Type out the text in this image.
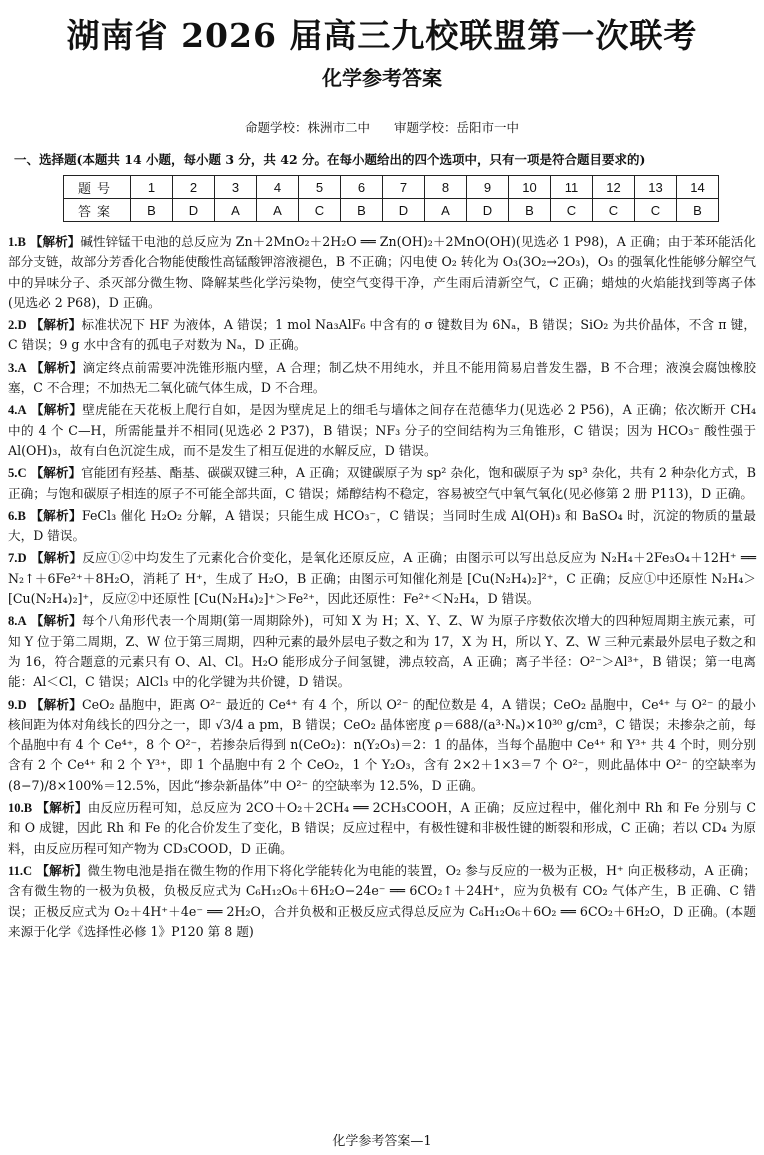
湖南省 2026 届高三九校联盟第一次联考
化学参考答案
命题学校：株洲市二中 审题学校：岳阳市一中
一、选择题(本题共 14 小题，每小题 3 分，共 42 分。在每小题给出的四个选项中，只有一项是符合题目要求的)
题号	1	2	3	4	5	6	7	8	9	10	11	12	13	14
答案	B	D	A	A	C	B	D	A	D	B	C	C	C	B
1.B 【解析】碱性锌锰干电池的总反应为 Zn＋2MnO₂＋2H₂O ══ Zn(OH)₂＋2MnO(OH)(见选必 1 P98)，A 正确；由于苯环能活化部分支链，故部分芳香化合物能使酸性高锰酸钾溶液褪色，B 不正确；闪电使 O₂ 转化为 O₃(3O₂→2O₃)，O₃ 的强氧化性能够分解空气中的异味分子、杀灭部分微生物、降解某些化学污染物，使空气变得干净，产生雨后清新空气，C 正确；蜡烛的火焰能找到等离子体(见选必 2 P68)，D 正确。
2.D 【解析】标准状况下 HF 为液体，A 错误；1 mol Na₃AlF₆ 中含有的 σ 键数目为 6Nₐ，B 错误；SiO₂ 为共价晶体，不含 π 键，C 错误；9 g 水中含有的孤电子对数为 Nₐ，D 正确。
3.A 【解析】滴定终点前需要冲洗锥形瓶内壁，A 合理；制乙炔不用纯水，并且不能用简易启普发生器，B 不合理；液溴会腐蚀橡胶塞，C 不合理；不加热无二氧化硫气体生成，D 不合理。
4.A 【解析】壁虎能在天花板上爬行自如，是因为壁虎足上的细毛与墙体之间存在范德华力(见选必 2 P56)，A 正确；依次断开 CH₄ 中的 4 个 C—H，所需能量并不相同(见选必 2 P37)，B 错误；NF₃ 分子的空间结构为三角锥形，C 错误；因为 HCO₃⁻ 酸性强于 Al(OH)₃，故有白色沉淀生成，而不是发生了相互促进的水解反应，D 错误。
5.C 【解析】官能团有羟基、酯基、碳碳双键三种，A 正确；双键碳原子为 sp² 杂化，饱和碳原子为 sp³ 杂化，共有 2 种杂化方式，B 正确；与饱和碳原子相连的原子不可能全部共面，C 错误；烯醇结构不稳定，容易被空气中氧气氧化(见必修第 2 册 P113)，D 正确。
6.B 【解析】FeCl₃ 催化 H₂O₂ 分解，A 错误；只能生成 HCO₃⁻，C 错误；当同时生成 Al(OH)₃ 和 BaSO₄ 时，沉淀的物质的量最大，D 错误。
7.D 【解析】反应①②中均发生了元素化合价变化，是氧化还原反应，A 正确；由图示可以写出总反应为 N₂H₄＋2Fe₃O₄＋12H⁺ ══ N₂↑＋6Fe²⁺＋8H₂O，消耗了 H⁺，生成了 H₂O，B 正确；由图示可知催化剂是 [Cu(N₂H₄)₂]²⁺，C 正确；反应①中还原性 N₂H₄＞[Cu(N₂H₄)₂]⁺，反应②中还原性 [Cu(N₂H₄)₂]⁺＞Fe²⁺，因此还原性：Fe²⁺＜N₂H₄，D 错误。
8.A 【解析】每个八角形代表一个周期(第一周期除外)，可知 X 为 H；X、Y、Z、W 为原子序数依次增大的四种短周期主族元素，可知 Y 位于第二周期，Z、W 位于第三周期，四种元素的最外层电子数之和为 17，X 为 H，所以 Y、Z、W 三种元素最外层电子数之和为 16，符合题意的元素只有 O、Al、Cl。H₂O 能形成分子间氢键，沸点较高，A 正确；离子半径：O²⁻＞Al³⁺，B 错误；第一电离能：Al＜Cl，C 错误；AlCl₃ 中的化学键为共价键，D 错误。
9.D 【解析】CeO₂ 晶胞中，距离 O²⁻ 最近的 Ce⁴⁺ 有 4 个，所以 O²⁻ 的配位数是 4，A 错误；CeO₂ 晶胞中，Ce⁴⁺ 与 O²⁻ 的最小核间距为体对角线长的四分之一，即 √3/4 a pm，B 错误；CeO₂ 晶体密度 ρ＝688/(a³·Nₐ)×10³⁰ g/cm³，C 错误；未掺杂之前，每个晶胞中有 4 个 Ce⁴⁺，8 个 O²⁻，若掺杂后得到 n(CeO₂)：n(Y₂O₃)＝2：1 的晶体，当每个晶胞中 Ce⁴⁺ 和 Y³⁺ 共 4 个时，则分别含有 2 个 Ce⁴⁺ 和 2 个 Y³⁺，即 1 个晶胞中有 2 个 CeO₂，1 个 Y₂O₃，含有 2×2＋1×3＝7 个 O²⁻，则此晶体中 O²⁻ 的空缺率为 (8−7)/8×100%＝12.5%，因此“掺杂新晶体”中 O²⁻ 的空缺率为 12.5%，D 正确。
10.B 【解析】由反应历程可知，总反应为 2CO＋O₂＋2CH₄ ══ 2CH₃COOH，A 正确；反应过程中，催化剂中 Rh 和 Fe 分别与 C 和 O 成键，因此 Rh 和 Fe 的化合价发生了变化，B 错误；反应过程中，有极性键和非极性键的断裂和形成，C 正确；若以 CD₄ 为原料，由反应历程可知产物为 CD₃COOD，D 正确。
11.C 【解析】微生物电池是指在微生物的作用下将化学能转化为电能的装置，O₂ 参与反应的一极为正极，H⁺ 向正极移动，A 正确；含有微生物的一极为负极，负极反应式为 C₆H₁₂O₆＋6H₂O−24e⁻ ══ 6CO₂↑＋24H⁺，应为负极有 CO₂ 气体产生，B 正确、C 错误；正极反应式为 O₂＋4H⁺＋4e⁻ ══ 2H₂O，合并负极和正极反应式得总反应为 C₆H₁₂O₆＋6O₂ ══ 6CO₂＋6H₂O，D 正确。(本题来源于化学《选择性必修 1》P120 第 8 题)
化学参考答案—1
